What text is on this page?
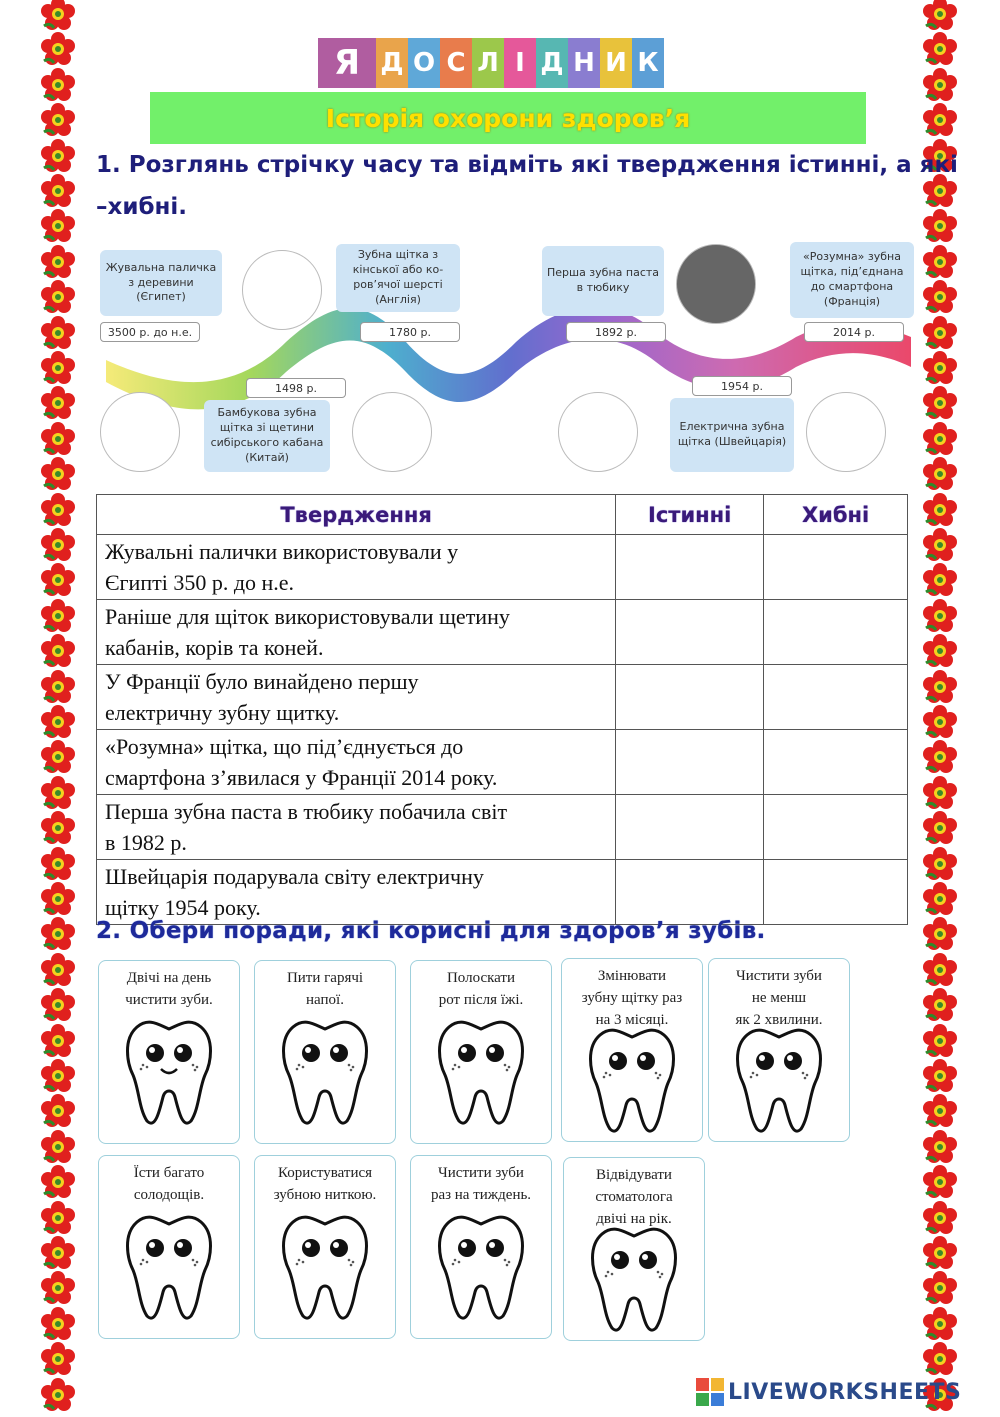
Я Д О С Л І Д Н И К
Історія охорони здоров’я
1. Розглянь стрічку часу та відміть які твердження істинні, а які
–хибні.
Жувальна паличка з деревини (Єгипет)
3500 р. до н.е.
1498 р.
Бамбукова зубна щітка зі щетини сибірського кабана (Китай)
Зубна щітка з кінської або ко-ров’ячої шерсті (Англія)
1780 р.
Перша зубна паста в тюбику
1892 р.
1954 р.
Електрична зубна щітка (Швейцарія)
«Розумна» зубна щітка, під’єднана до смартфона (Франція)
2014 р.
Твердження	Істинні	Хибні
Жувальні палички використовували у
Єгипті 350 р. до н.е.		
Раніше для щіток використовували щетину
кабанів, корів та коней.		
У Франції було винайдено першу
електричну зубну щитку.		
«Розумна» щітка, що під’єднується до
смартфона з’явилася у Франції 2014 року.		
Перша зубна паста в тюбику побачила світ
в 1982 р.		
Швейцарія подарувала світу електричну
щітку 1954 року.		
2. Обери поради, які корисні для здоров’я зубів.
Двічі на день
чистити зуби.
Пити гарячі
напої.
Полоскати
рот після їжі.
Змінювати
зубну щітку раз
на 3 місяці.
Чистити зуби
не менш
як 2 хвилини.
Їсти багато
солодощів.
Користуватися
зубною ниткою.
Чистити зуби
раз на тиждень.
Відвідувати
стоматолога
двічі на рік.
LIVEWORKSHEETS
